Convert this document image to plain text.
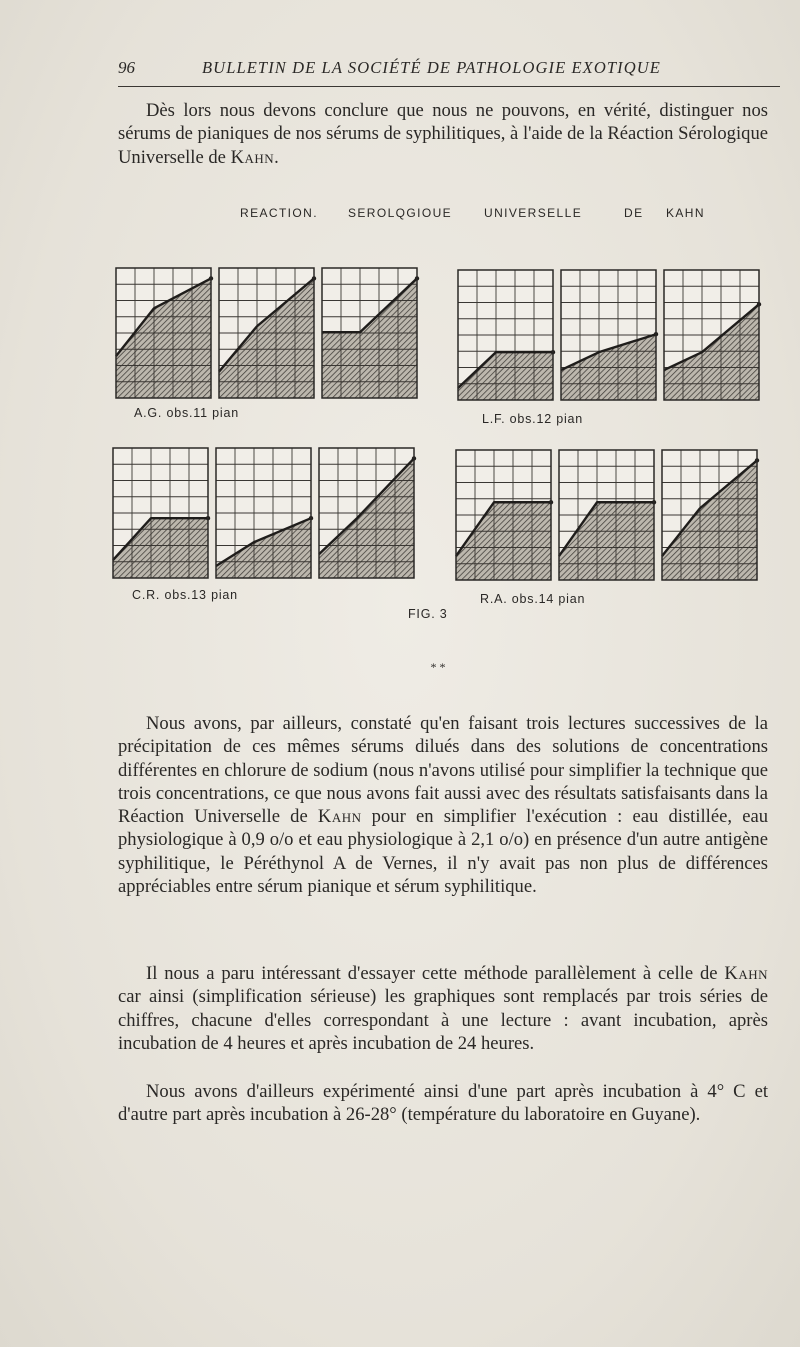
96	BULLETIN DE LA SOCIÉTÉ DE PATHOLOGIE EXOTIQUE

Dès lors nous devons conclure que nous ne pouvons, en vérité, distinguer nos sérums de pianiques de nos sérums de syphilitiques, à l'aide de la Réaction Sérologique Universelle de Kahn.

REACTION.	SEROLQGIOUE	UNIVERSELLE	DE KAHN
A.G. obs.11 pian	L.F. obs.12 pian
C.R. obs.13 pian	R.A. obs.14 pian
FIG. 3
* *

Nous avons, par ailleurs, constaté qu'en faisant trois lectures successives de la précipitation de ces mêmes sérums dilués dans des solutions de concentrations différentes en chlorure de sodium (nous n'avons utilisé pour simplifier la technique que trois concentrations, ce que nous avons fait aussi avec des résultats satisfaisants dans la Réaction Universelle de Kahn pour en simplifier l'exécution : eau distillée, eau physiologique à 0,9 o/o et eau physiologique à 2,1 o/o) en présence d'un autre antigène syphilitique, le Péréthynol A de Vernes, il n'y avait pas non plus de différences appréciables entre sérum pianique et sérum syphilitique.

Il nous a paru intéressant d'essayer cette méthode parallèlement à celle de Kahn car ainsi (simplification sérieuse) les graphiques sont remplacés par trois séries de chiffres, chacune d'elles correspondant à une lecture : avant incubation, après incubation de 4 heures et après incubation de 24 heures.

Nous avons d'ailleurs expérimenté ainsi d'une part après incubation à 4° C et d'autre part après incubation à 26-28° (température du laboratoire en Guyane).
